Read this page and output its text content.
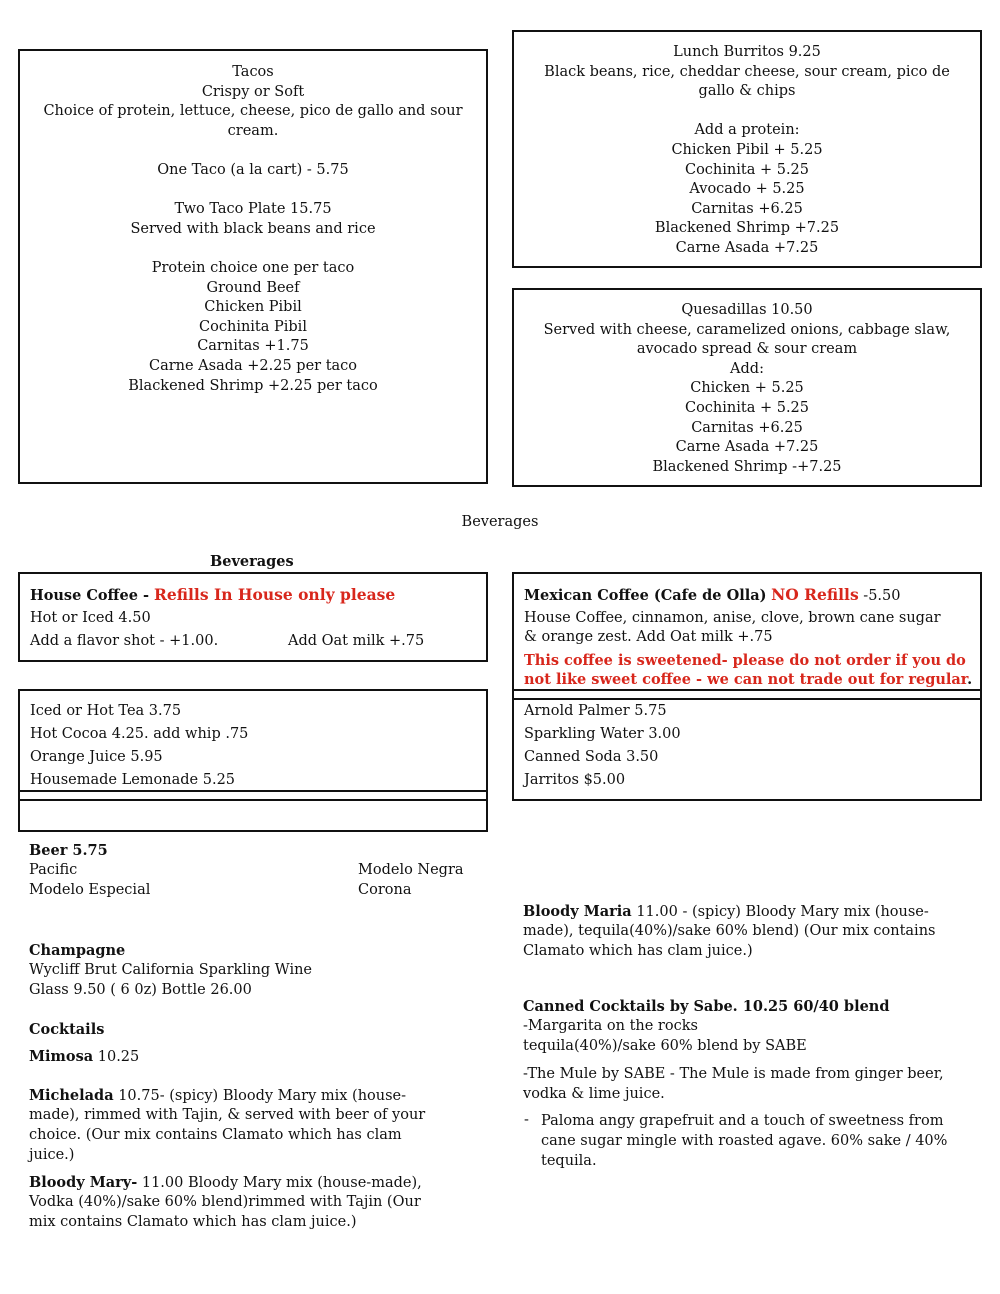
Tacos
Crispy or Soft
Choice of protein, lettuce, cheese, pico de gallo and sour
cream.
One Taco (a la cart) - 5.75
Two Taco Plate 15.75
Served with black beans and rice
Protein choice one per taco
Ground Beef
Chicken Pibil
Cochinita Pibil
Carnitas +1.75
Carne Asada +2.25 per taco
Blackened Shrimp +2.25 per taco
Lunch Burritos 9.25
Black beans, rice, cheddar cheese, sour cream, pico de
gallo & chips
Add a protein:
Chicken Pibil + 5.25
Cochinita + 5.25
Avocado + 5.25
Carnitas +6.25
Blackened Shrimp +7.25
Carne Asada +7.25
Quesadillas 10.50
Served with cheese, caramelized onions, cabbage slaw,
avocado spread & sour cream
Add:
Chicken + 5.25
Cochinita + 5.25
Carnitas +6.25
Carne Asada +7.25
Blackened Shrimp -+7.25
Beverages
Beverages
House Coffee - Refills In House only please
Hot or Iced 4.50
Add a flavor shot - +1.00.	Add Oat milk +.75
Mexican Coffee (Cafe de Olla) NO Refills -5.50
House Coffee, cinnamon, anise, clove, brown cane sugar
& orange zest. Add Oat milk +.75
This coffee is sweetened- please do not order if you do
not like sweet coffee - we can not trade out for regular.
Arnold Palmer 5.75
Sparkling Water 3.00
Canned Soda 3.50
Jarritos $5.00
Iced or Hot Tea 3.75
Hot Cocoa 4.25. add whip .75
Orange Juice 5.95
Housemade Lemonade 5.25
Beer 5.75
Pacific
Modelo Especial
Modelo Negra
Corona
Champagne
Wycliff Brut California Sparkling Wine
Glass 9.50 ( 6 0z) Bottle 26.00
Cocktails
Mimosa 10.25
Michelada 10.75- (spicy) Bloody Mary mix (house-
made), rimmed with Tajin, & served with beer of your
choice. (Our mix contains Clamato which has clam
juice.)
Bloody Mary- 11.00 Bloody Mary mix (house-made),
Vodka (40%)/sake 60% blend)rimmed with Tajin (Our
mix contains Clamato which has clam juice.)
Bloody Maria 11.00 - (spicy) Bloody Mary mix (house-
made), tequila(40%)/sake 60% blend) (Our mix contains
Clamato which has clam juice.)
Canned Cocktails by Sabe. 10.25 60/40 blend
-Margarita on the rocks
tequila(40%)/sake 60% blend by SABE
-The Mule by SABE - The Mule is made from ginger beer,
vodka & lime juice.
- Paloma angy grapefruit and a touch of sweetness from
cane sugar mingle with roasted agave. 60% sake / 40%
tequila.
